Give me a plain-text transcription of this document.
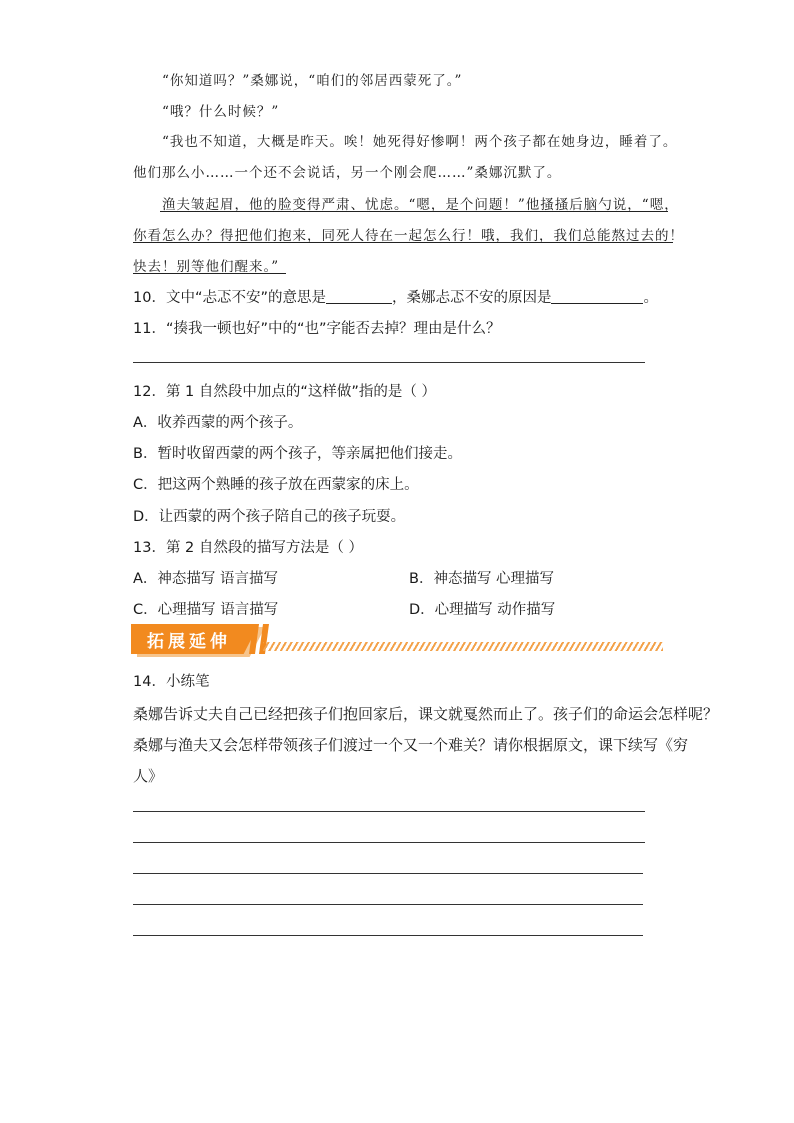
“你知道吗？”桑娜说，“咱们的邻居西蒙死了。”

“哦？什么时候？”

“我也不知道，大概是昨天。唉！她死得好惨啊！两个孩子都在她身边，睡着了。

他们那么小……一个还不会说话，另一个刚会爬……”桑娜沉默了。

渔夫皱起眉，他的脸变得严肃、忧虑。“嗯，是个问题！”他搔搔后脑勺说，“嗯，

你看怎么办？得把他们抱来，同死人待在一起怎么行！哦，我们，我们总能熬过去的！

快去！别等他们醒来。”

10．文中“忐忑不安”的意思是	，桑娜忐忑不安的原因是	。

11．“揍我一顿也好”中的“也”字能否去掉？理由是什么？

12．第 1 自然段中加点的“这样做”指的是（ ）

A．收养西蒙的两个孩子。

B．暂时收留西蒙的两个孩子，等亲属把他们接走。

C．把这两个熟睡的孩子放在西蒙家的床上。

D．让西蒙的两个孩子陪自己的孩子玩耍。

13．第 2 自然段的描写方法是（ ）

A．神态描写 语言描写	B．神态描写 心理描写

C．心理描写 语言描写	D．心理描写 动作描写

拓展延伸

14．小练笔

桑娜告诉丈夫自己已经把孩子们抱回家后，课文就戛然而止了。孩子们的命运会怎样呢？

桑娜与渔夫又会怎样带领孩子们渡过一个又一个难关？请你根据原文，课下续写《穷

人》
